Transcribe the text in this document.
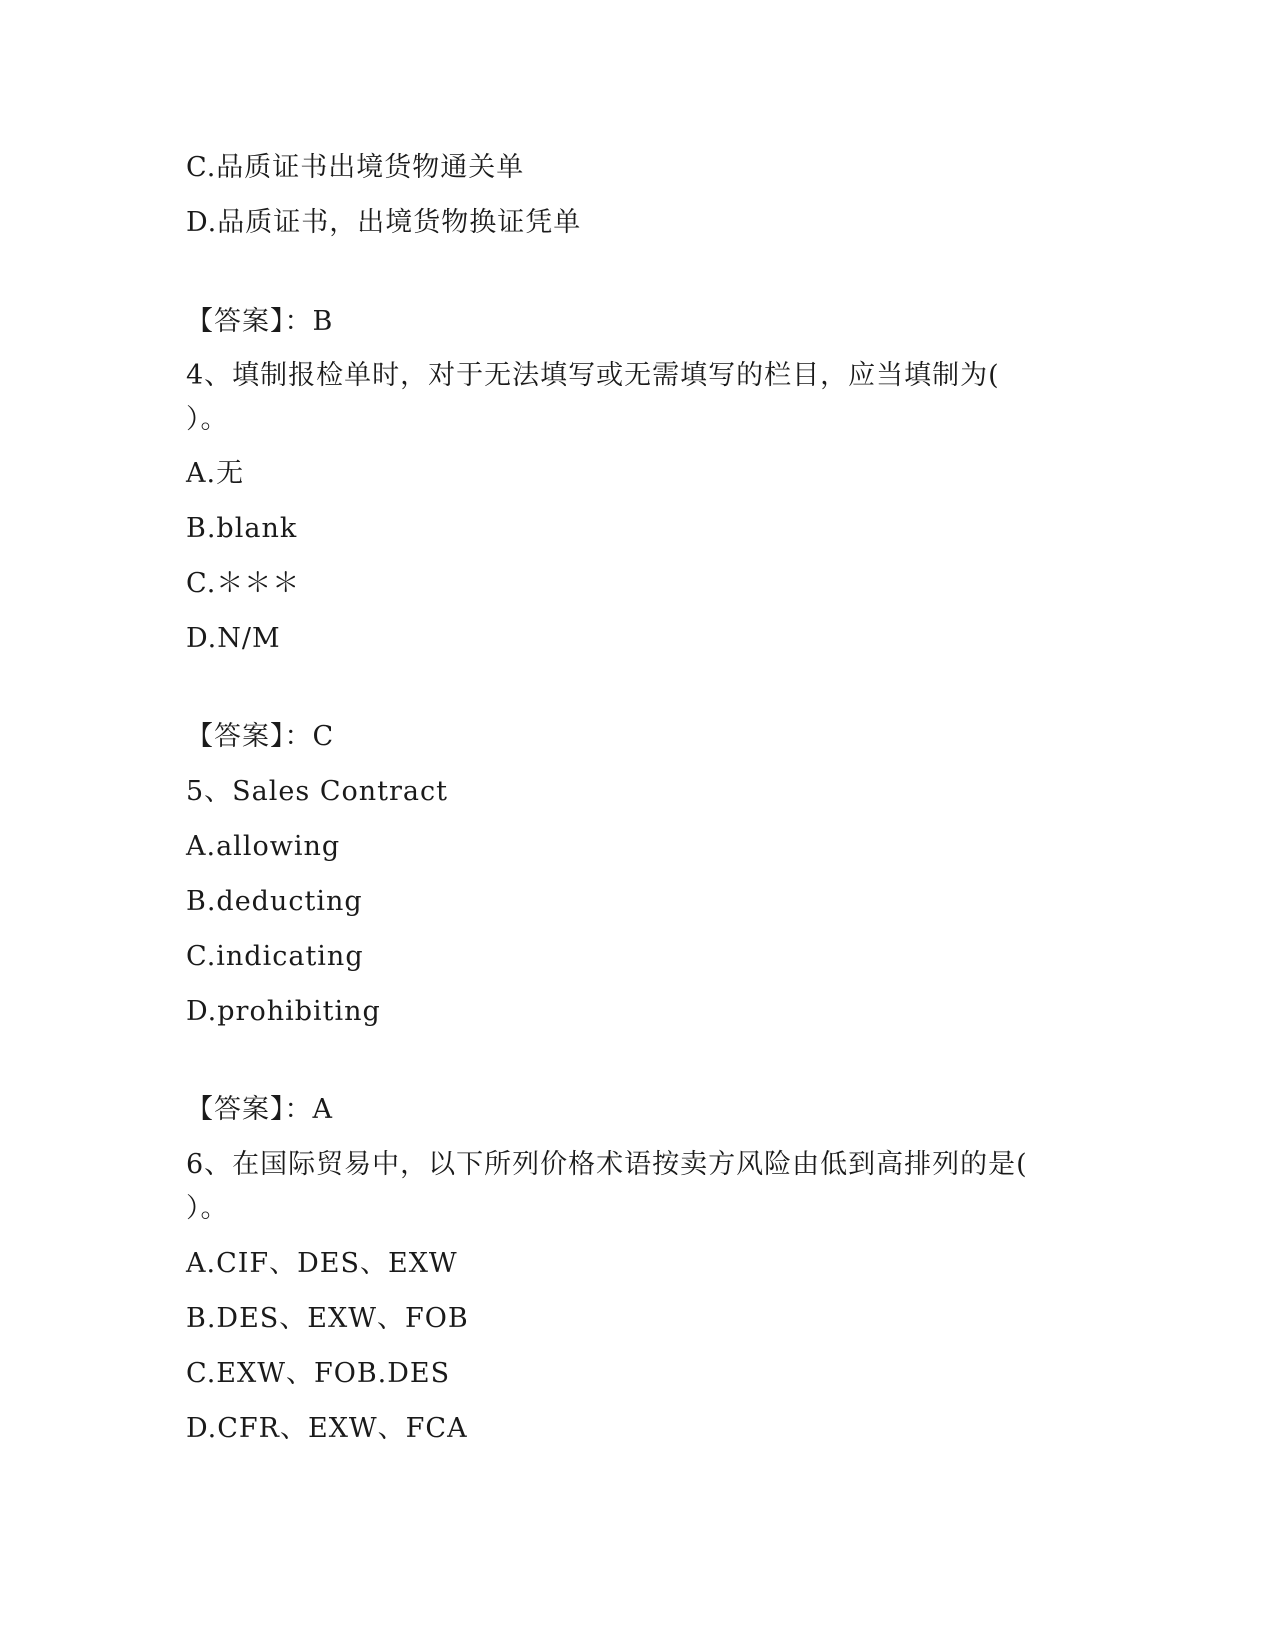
C.品质证书出境货物通关单
D.品质证书，出境货物换证凭单
【答案】：B
4、填制报检单时，对于无法填写或无需填写的栏目，应当填制为(
）。
A.无
B.blank
C.＊＊＊
D.N/M
【答案】：C
5、Sales Contract
A.allowing
B.deducting
C.indicating
D.prohibiting
【答案】：A
6、在国际贸易中，以下所列价格术语按卖方风险由低到高排列的是(
）。
A.CIF、DES、EXW
B.DES、EXW、FOB
C.EXW、FOB.DES
D.CFR、EXW、FCA
